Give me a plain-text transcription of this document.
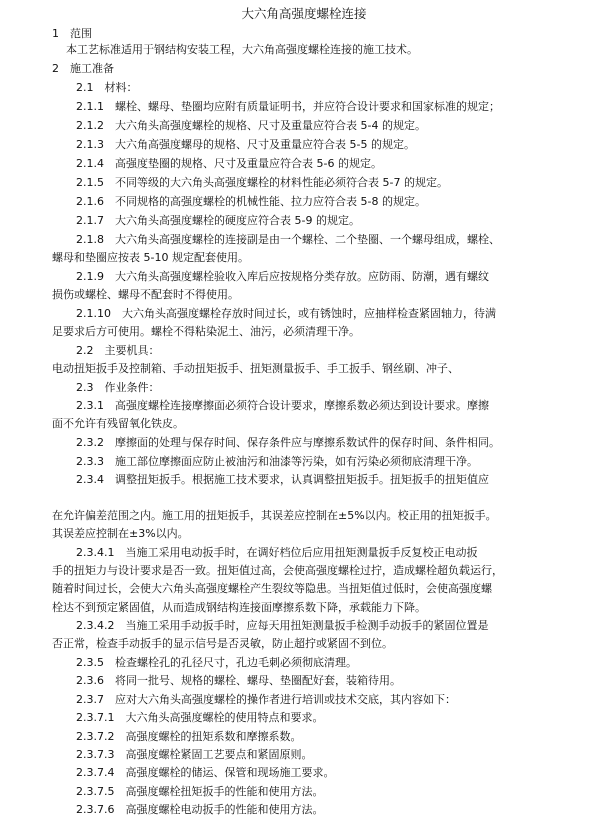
大六角高强度螺栓连接
1　范围
本工艺标准适用于钢结构安装工程，大六角高强度螺栓连接的施工技术。
2　施工准备
2.1　材料：
2.1.1　螺栓、螺母、垫圈均应附有质量证明书，并应符合设计要求和国家标准的规定；
2.1.2　大六角头高强度螺栓的规格、尺寸及重量应符合表 5-4 的规定。
2.1.3　大六角高强度螺母的规格、尺寸及重量应符合表 5-5 的规定。
2.1.4　高强度垫圈的规格、尺寸及重量应符合表 5-6 的规定。
2.1.5　不同等级的大六角头高强度螺栓的材料性能必须符合表 5-7 的规定。
2.1.6　不同规格的高强度螺栓的机械性能、拉力应符合表 5-8 的规定。
2.1.7　大六角头高强度螺栓的硬度应符合表 5-9 的规定。
2.1.8　大六角头高强度螺栓的连接副是由一个螺栓、二个垫圈、一个螺母组成，螺栓、
螺母和垫圈应按表 5-10 规定配套使用。
2.1.9　大六角头高强度螺栓验收入库后应按规格分类存放。应防雨、防潮，遇有螺纹
损伤或螺栓、螺母不配套时不得使用。
2.1.10　大六角头高强度螺栓存放时间过长，或有锈蚀时，应抽样检查紧固轴力，待满
足要求后方可使用。螺栓不得粘染泥土、油污，必须清理干净。
2.2　主要机具：
电动扭矩扳手及控制箱、手动扭矩扳手、扭矩测量扳手、手工扳手、钢丝刷、冲子、
2.3　作业条件：
2.3.1　高强度螺栓连接摩擦面必须符合设计要求，摩擦系数必须达到设计要求。摩擦
面不允许有残留氧化铁皮。
2.3.2　摩擦面的处理与保存时间、保存条件应与摩擦系数试件的保存时间、条件相同。
2.3.3　施工部位摩擦面应防止被油污和油漆等污染，如有污染必须彻底清理干净。
2.3.4　调整扭矩扳手。根据施工技术要求，认真调整扭矩扳手。扭矩扳手的扭矩值应
在允许偏差范围之内。施工用的扭矩扳手，其误差应控制在±5%以内。校正用的扭矩扳手。
其误差应控制在±3%以内。
2.3.4.1　当施工采用电动扳手时，在调好档位后应用扭矩测量扳手反复校正电动扳
手的扭矩力与设计要求是否一致。扭矩值过高，会使高强度螺栓过拧，造成螺栓超负载运行，
随着时间过长，会使大六角头高强度螺栓产生裂纹等隐患。当扭矩值过低时，会使高强度螺
栓达不到预定紧固值，从而造成钢结构连接面摩擦系数下降，承载能力下降。
2.3.4.2　当施工采用手动扳手时，应每天用扭矩测量扳手检测手动扳手的紧固位置是
否正常，检查手动扳手的显示信号是否灵敏，防止超拧或紧固不到位。
2.3.5　检查螺栓孔的孔径尺寸，孔边毛刺必须彻底清理。
2.3.6　将同一批号、规格的螺栓、螺母、垫圈配好套，装箱待用。
2.3.7　应对大六角头高强度螺栓的操作者进行培训或技术交底，其内容如下：
2.3.7.1　大六角头高强度螺栓的使用特点和要求。
2.3.7.2　高强度螺栓的扭矩系数和摩擦系数。
2.3.7.3　高强度螺栓紧固工艺要点和紧固原则。
2.3.7.4　高强度螺栓的储运、保管和现场施工要求。
2.3.7.5　高强度螺栓扭矩扳手的性能和使用方法。
2.3.7.6　高强度螺栓电动扳手的性能和使用方法。
